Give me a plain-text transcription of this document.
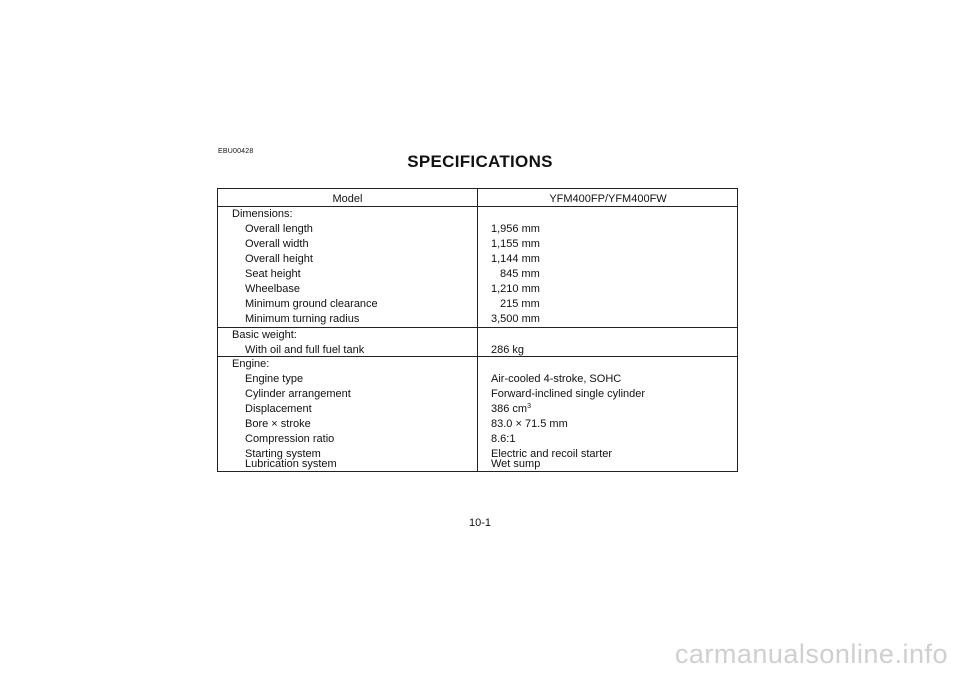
EBU00428
SPECIFICATIONS
Model	YFM400FP/YFM400FW
Dimensions:
Overall length	1,956 mm
Overall width	1,155 mm
Overall height	1,144 mm
Seat height	845 mm
Wheelbase	1,210 mm
Minimum ground clearance	215 mm
Minimum turning radius	3,500 mm
Basic weight:
With oil and full fuel tank	286 kg
Engine:
Engine type	Air-cooled 4-stroke, SOHC
Cylinder arrangement	Forward-inclined single cylinder
Displacement	386 $cm^3$
Bore × stroke	83.0 × 71.5 mm
Compression ratio	8.6:1
Starting system	Electric and recoil starter
Lubrication system	Wet sump
10-1
carmanualsonline.info
